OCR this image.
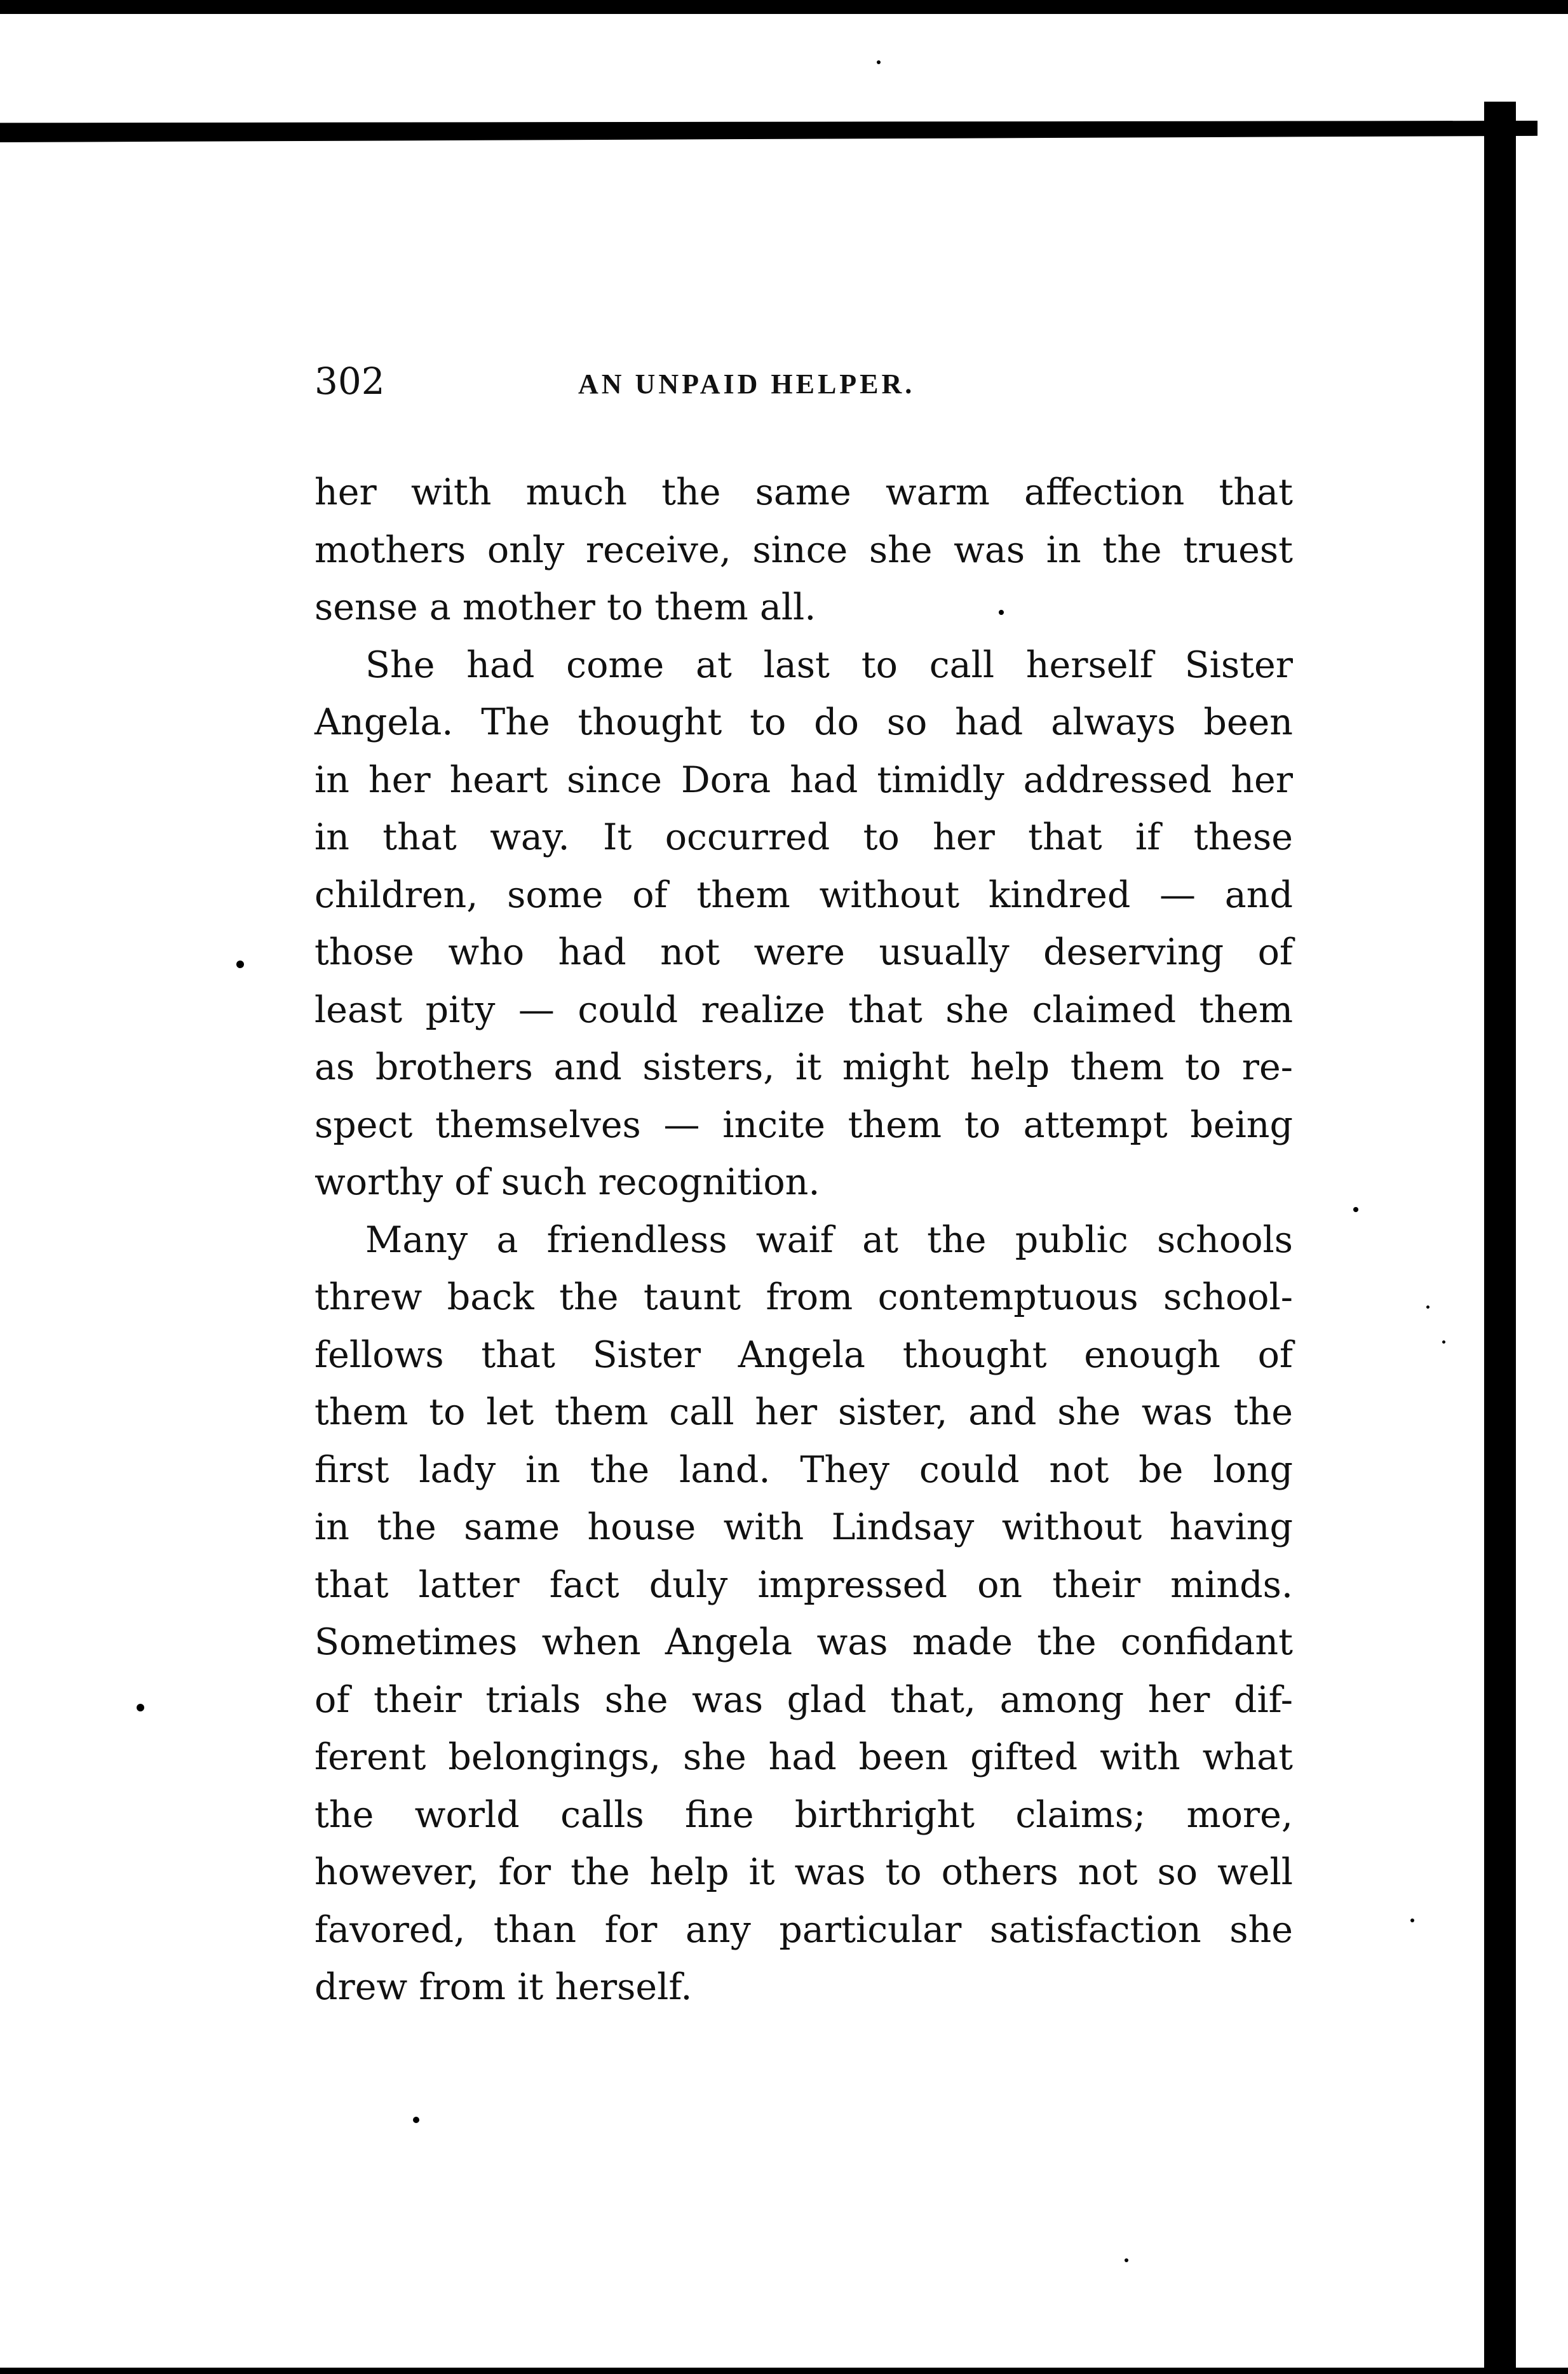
302	AN UNPAID HELPER.

her with much the same warm affection that
mothers only receive, since she was in the truest
sense a mother to them all.

She had come at last to call herself Sister
Angela. The thought to do so had always been
in her heart since Dora had timidly addressed her
in that way. It occurred to her that if these
children, some of them without kindred — and
those who had not were usually deserving of
least pity — could realize that she claimed them
as brothers and sisters, it might help them to re-
spect themselves — incite them to attempt being
worthy of such recognition.

Many a friendless waif at the public schools
threw back the taunt from contemptuous school-
fellows that Sister Angela thought enough of
them to let them call her sister, and she was the
first lady in the land. They could not be long
in the same house with Lindsay without having
that latter fact duly impressed on their minds.
Sometimes when Angela was made the confidant
of their trials she was glad that, among her dif-
ferent belongings, she had been gifted with what
the world calls fine birthright claims; more,
however, for the help it was to others not so well
favored, than for any particular satisfaction she
drew from it herself.
